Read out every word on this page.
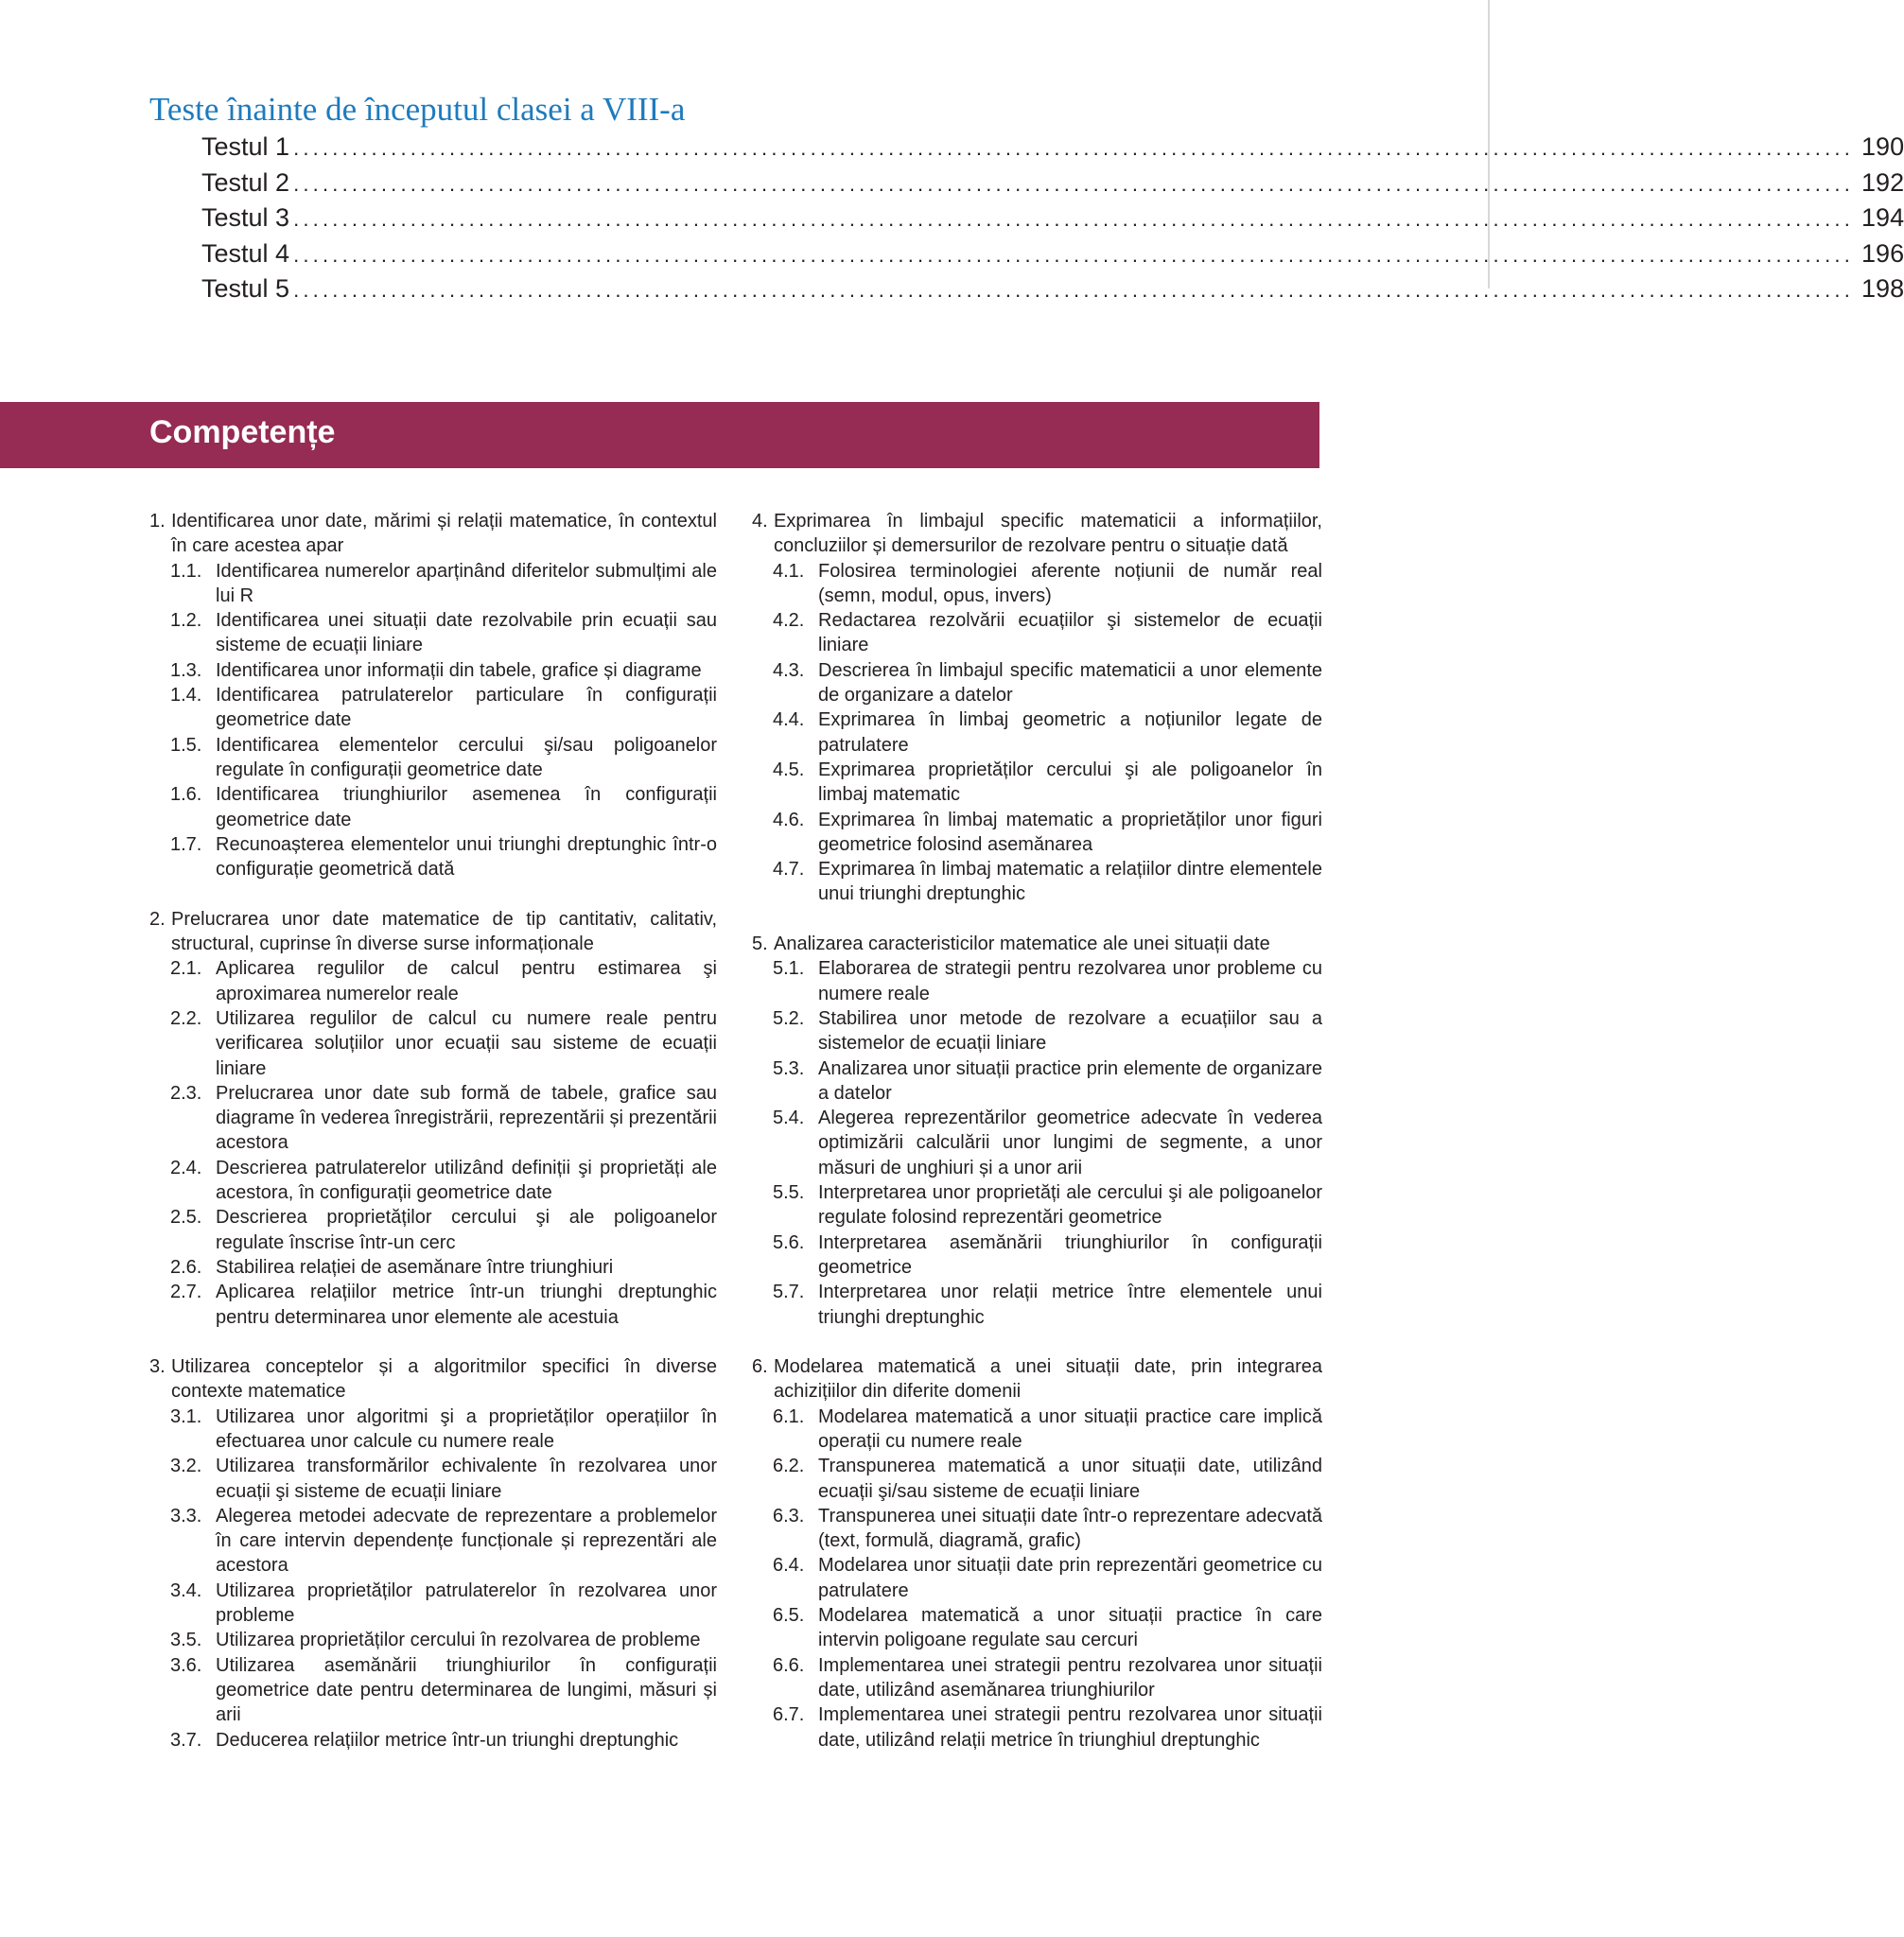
Teste înainte de începutul clasei a VIII-a
Testul 1 ................................................................................................................................................................ 190
Testul 2 ................................................................................................................................................................ 192
Testul 3 ................................................................................................................................................................ 194
Testul 4 ................................................................................................................................................................ 196
Testul 5 ................................................................................................................................................................ 198
Competențe
1. Identificarea unor date, mărimi și relații matematice, în contextul în care acestea apar
1.1. Identificarea numerelor aparținând diferitelor submulțimi ale lui R
1.2. Identificarea unei situații date rezolvabile prin ecuații sau sisteme de ecuații liniare
1.3. Identificarea unor informații din tabele, grafice și diagrame
1.4. Identificarea patrulaterelor particulare în configurații geometrice date
1.5. Identificarea elementelor cercului şi/sau poligoanelor regulate în configurații geometrice date
1.6. Identificarea triunghiurilor asemenea în configurații geometrice date
1.7. Recunoașterea elementelor unui triunghi dreptunghic într-o configurație geometrică dată
2. Prelucrarea unor date matematice de tip cantitativ, calitativ, structural, cuprinse în diverse surse informaționale
2.1. Aplicarea regulilor de calcul pentru estimarea şi aproximarea numerelor reale
2.2. Utilizarea regulilor de calcul cu numere reale pentru verificarea soluțiilor unor ecuații sau sisteme de ecuații liniare
2.3. Prelucrarea unor date sub formă de tabele, grafice sau diagrame în vederea înregistrării, reprezentării și prezentării acestora
2.4. Descrierea patrulaterelor utilizând definiții şi proprietăți ale acestora, în configurații geometrice date
2.5. Descrierea proprietăților cercului şi ale poligoanelor regulate înscrise într-un cerc
2.6. Stabilirea relației de asemănare între triunghiuri
2.7. Aplicarea relațiilor metrice într-un triunghi dreptunghic pentru determinarea unor elemente ale acestuia
3. Utilizarea conceptelor și a algoritmilor specifici în diverse contexte matematice
3.1. Utilizarea unor algoritmi şi a proprietăților operațiilor în efectuarea unor calcule cu numere reale
3.2. Utilizarea transformărilor echivalente în rezolvarea unor ecuații şi sisteme de ecuații liniare
3.3. Alegerea metodei adecvate de reprezentare a problemelor în care intervin dependențe funcționale și reprezentări ale acestora
3.4. Utilizarea proprietăților patrulaterelor în rezolvarea unor probleme
3.5. Utilizarea proprietăților cercului în rezolvarea de probleme
3.6. Utilizarea asemănării triunghiurilor în configurații geometrice date pentru determinarea de lungimi, măsuri și arii
3.7. Deducerea relațiilor metrice într-un triunghi dreptunghic
4. Exprimarea în limbajul specific matematicii a informațiilor, concluziilor și demersurilor de rezolvare pentru o situație dată
4.1. Folosirea terminologiei aferente noțiunii de număr real (semn, modul, opus, invers)
4.2. Redactarea rezolvării ecuațiilor şi sistemelor de ecuații liniare
4.3. Descrierea în limbajul specific matematicii a unor elemente de organizare a datelor
4.4. Exprimarea în limbaj geometric a noțiunilor legate de patrulatere
4.5. Exprimarea proprietăților cercului şi ale poligoanelor în limbaj matematic
4.6. Exprimarea în limbaj matematic a proprietăților unor figuri geometrice folosind asemănarea
4.7. Exprimarea în limbaj matematic a relațiilor dintre elementele unui triunghi dreptunghic
5. Analizarea caracteristicilor matematice ale unei situații date
5.1. Elaborarea de strategii pentru rezolvarea unor probleme cu numere reale
5.2. Stabilirea unor metode de rezolvare a ecuațiilor sau a sistemelor de ecuații liniare
5.3. Analizarea unor situații practice prin elemente de organizare a datelor
5.4. Alegerea reprezentărilor geometrice adecvate în vederea optimizării calculării unor lungimi de segmente, a unor măsuri de unghiuri și a unor arii
5.5. Interpretarea unor proprietăți ale cercului şi ale poligoanelor regulate folosind reprezentări geometrice
5.6. Interpretarea asemănării triunghiurilor în configurații geometrice
5.7. Interpretarea unor relații metrice între elementele unui triunghi dreptunghic
6. Modelarea matematică a unei situații date, prin integrarea achizițiilor din diferite domenii
6.1. Modelarea matematică a unor situații practice care implică operații cu numere reale
6.2. Transpunerea matematică a unor situații date, utilizând ecuații şi/sau sisteme de ecuații liniare
6.3. Transpunerea unei situații date într-o reprezentare adecvată (text, formulă, diagramă, grafic)
6.4. Modelarea unor situații date prin reprezentări geometrice cu patrulatere
6.5. Modelarea matematică a unor situații practice în care intervin poligoane regulate sau cercuri
6.6. Implementarea unei strategii pentru rezolvarea unor situații date, utilizând asemănarea triunghiurilor
6.7. Implementarea unei strategii pentru rezolvarea unor situații date, utilizând relații metrice în triunghiul dreptunghic
